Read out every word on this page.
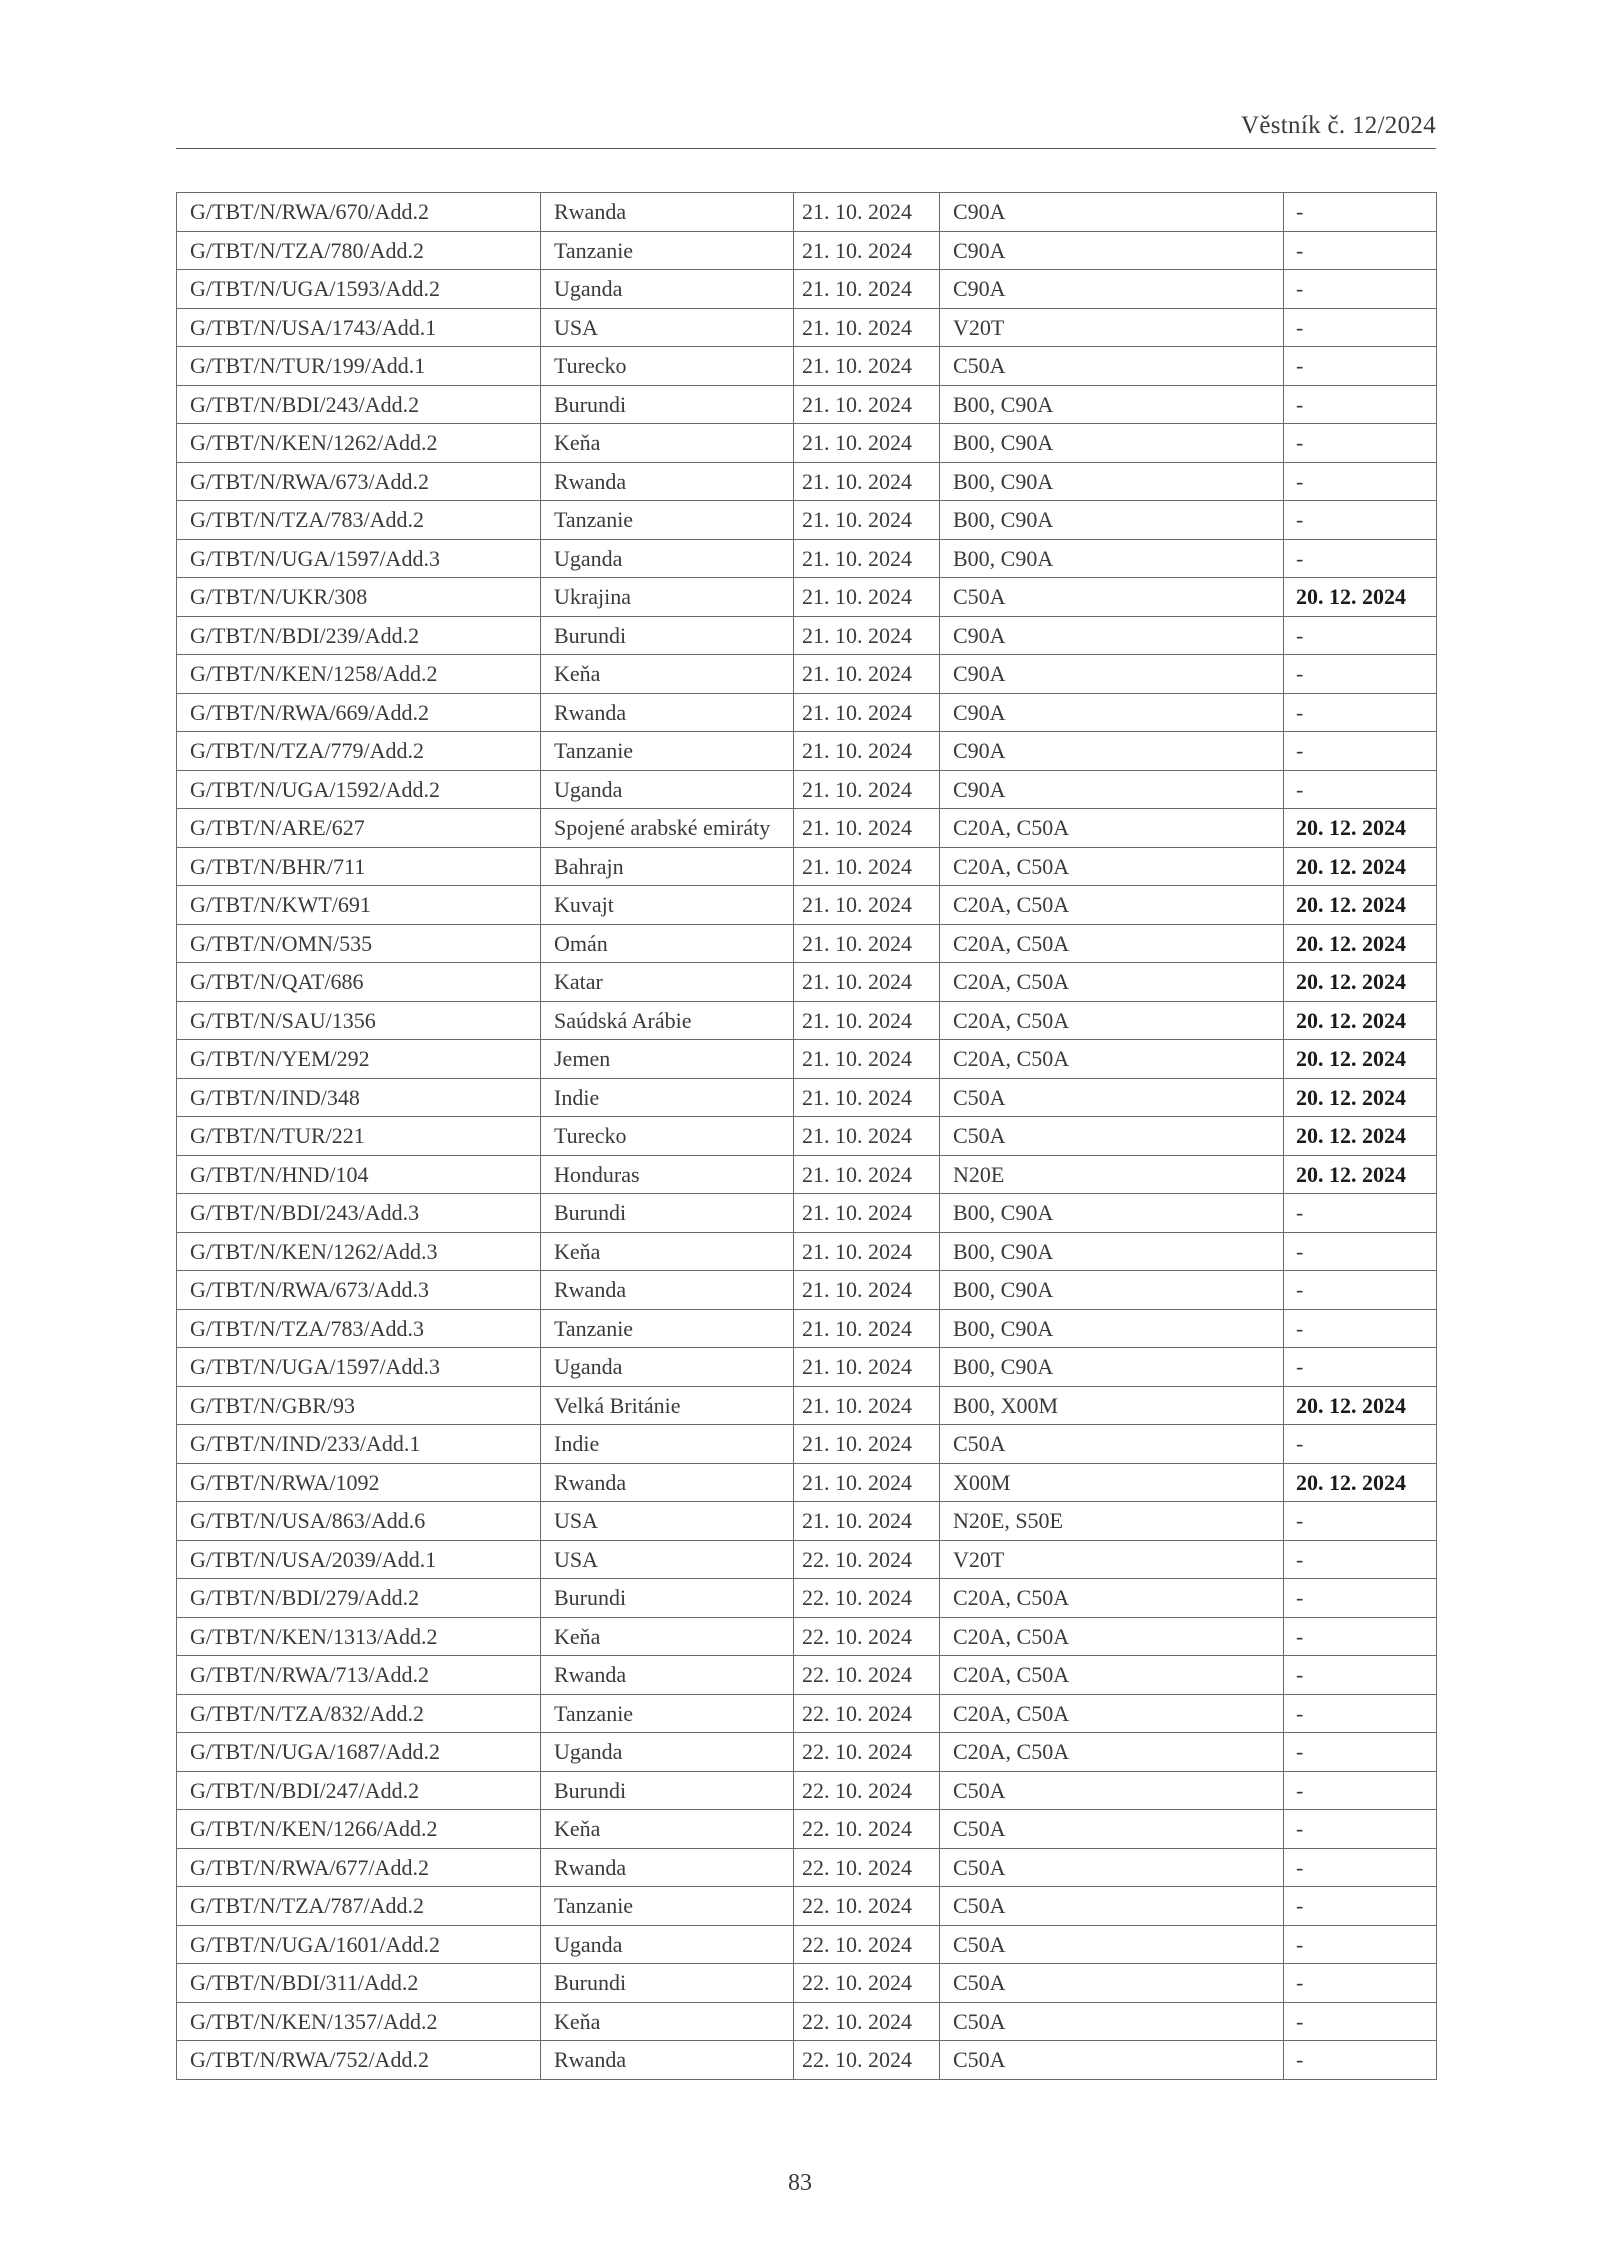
Věstník č. 12/2024
G/TBT/N/RWA/670/Add.2	Rwanda	21. 10. 2024	C90A	-
G/TBT/N/TZA/780/Add.2	Tanzanie	21. 10. 2024	C90A	-
G/TBT/N/UGA/1593/Add.2	Uganda	21. 10. 2024	C90A	-
G/TBT/N/USA/1743/Add.1	USA	21. 10. 2024	V20T	-
G/TBT/N/TUR/199/Add.1	Turecko	21. 10. 2024	C50A	-
G/TBT/N/BDI/243/Add.2	Burundi	21. 10. 2024	B00, C90A	-
G/TBT/N/KEN/1262/Add.2	Keňa	21. 10. 2024	B00, C90A	-
G/TBT/N/RWA/673/Add.2	Rwanda	21. 10. 2024	B00, C90A	-
G/TBT/N/TZA/783/Add.2	Tanzanie	21. 10. 2024	B00, C90A	-
G/TBT/N/UGA/1597/Add.3	Uganda	21. 10. 2024	B00, C90A	-
G/TBT/N/UKR/308	Ukrajina	21. 10. 2024	C50A	20. 12. 2024
G/TBT/N/BDI/239/Add.2	Burundi	21. 10. 2024	C90A	-
G/TBT/N/KEN/1258/Add.2	Keňa	21. 10. 2024	C90A	-
G/TBT/N/RWA/669/Add.2	Rwanda	21. 10. 2024	C90A	-
G/TBT/N/TZA/779/Add.2	Tanzanie	21. 10. 2024	C90A	-
G/TBT/N/UGA/1592/Add.2	Uganda	21. 10. 2024	C90A	-
G/TBT/N/ARE/627	Spojené arabské emiráty	21. 10. 2024	C20A, C50A	20. 12. 2024
G/TBT/N/BHR/711	Bahrajn	21. 10. 2024	C20A, C50A	20. 12. 2024
G/TBT/N/KWT/691	Kuvajt	21. 10. 2024	C20A, C50A	20. 12. 2024
G/TBT/N/OMN/535	Omán	21. 10. 2024	C20A, C50A	20. 12. 2024
G/TBT/N/QAT/686	Katar	21. 10. 2024	C20A, C50A	20. 12. 2024
G/TBT/N/SAU/1356	Saúdská Arábie	21. 10. 2024	C20A, C50A	20. 12. 2024
G/TBT/N/YEM/292	Jemen	21. 10. 2024	C20A, C50A	20. 12. 2024
G/TBT/N/IND/348	Indie	21. 10. 2024	C50A	20. 12. 2024
G/TBT/N/TUR/221	Turecko	21. 10. 2024	C50A	20. 12. 2024
G/TBT/N/HND/104	Honduras	21. 10. 2024	N20E	20. 12. 2024
G/TBT/N/BDI/243/Add.3	Burundi	21. 10. 2024	B00, C90A	-
G/TBT/N/KEN/1262/Add.3	Keňa	21. 10. 2024	B00, C90A	-
G/TBT/N/RWA/673/Add.3	Rwanda	21. 10. 2024	B00, C90A	-
G/TBT/N/TZA/783/Add.3	Tanzanie	21. 10. 2024	B00, C90A	-
G/TBT/N/UGA/1597/Add.3	Uganda	21. 10. 2024	B00, C90A	-
G/TBT/N/GBR/93	Velká Británie	21. 10. 2024	B00, X00M	20. 12. 2024
G/TBT/N/IND/233/Add.1	Indie	21. 10. 2024	C50A	-
G/TBT/N/RWA/1092	Rwanda	21. 10. 2024	X00M	20. 12. 2024
G/TBT/N/USA/863/Add.6	USA	21. 10. 2024	N20E, S50E	-
G/TBT/N/USA/2039/Add.1	USA	22. 10. 2024	V20T	-
G/TBT/N/BDI/279/Add.2	Burundi	22. 10. 2024	C20A, C50A	-
G/TBT/N/KEN/1313/Add.2	Keňa	22. 10. 2024	C20A, C50A	-
G/TBT/N/RWA/713/Add.2	Rwanda	22. 10. 2024	C20A, C50A	-
G/TBT/N/TZA/832/Add.2	Tanzanie	22. 10. 2024	C20A, C50A	-
G/TBT/N/UGA/1687/Add.2	Uganda	22. 10. 2024	C20A, C50A	-
G/TBT/N/BDI/247/Add.2	Burundi	22. 10. 2024	C50A	-
G/TBT/N/KEN/1266/Add.2	Keňa	22. 10. 2024	C50A	-
G/TBT/N/RWA/677/Add.2	Rwanda	22. 10. 2024	C50A	-
G/TBT/N/TZA/787/Add.2	Tanzanie	22. 10. 2024	C50A	-
G/TBT/N/UGA/1601/Add.2	Uganda	22. 10. 2024	C50A	-
G/TBT/N/BDI/311/Add.2	Burundi	22. 10. 2024	C50A	-
G/TBT/N/KEN/1357/Add.2	Keňa	22. 10. 2024	C50A	-
G/TBT/N/RWA/752/Add.2	Rwanda	22. 10. 2024	C50A	-
83
